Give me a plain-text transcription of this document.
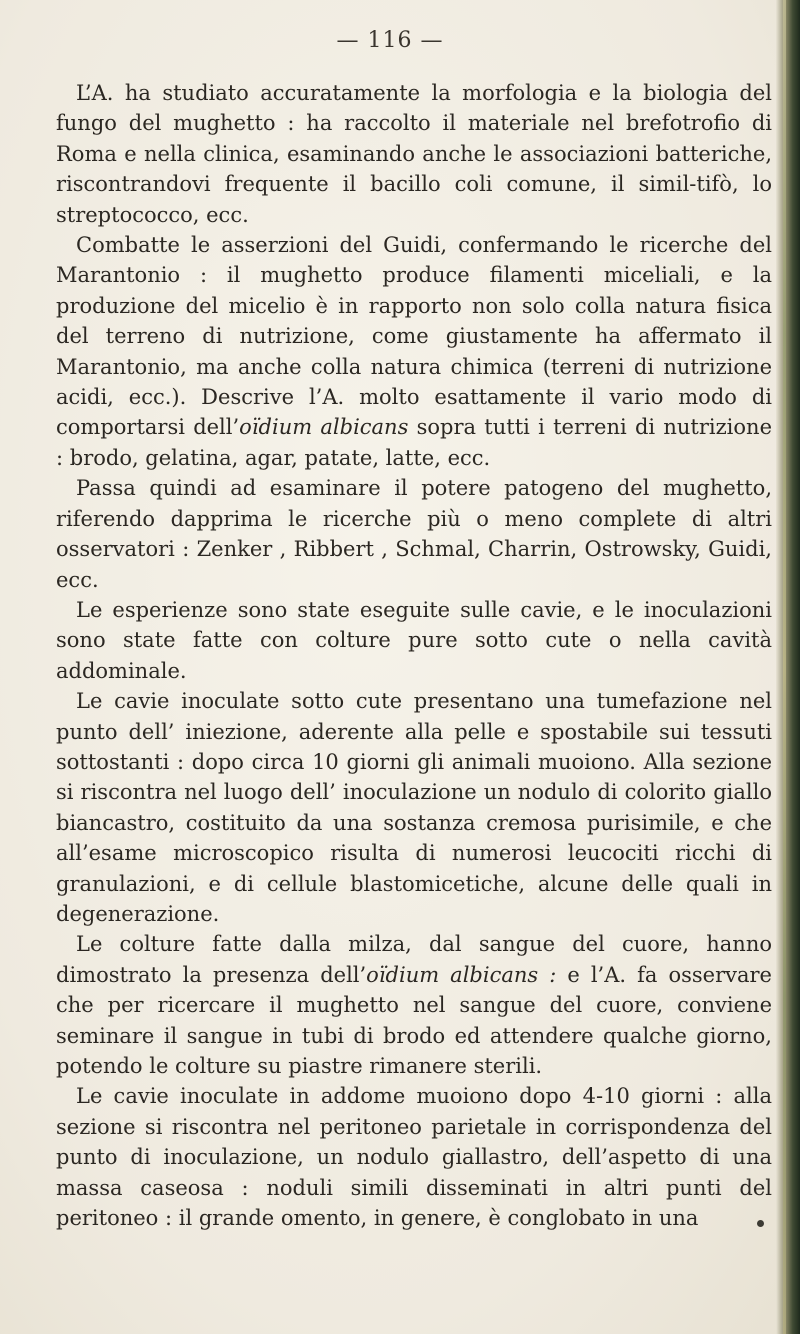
— 116 —

L’A. ha studiato accuratamente la morfologia e la biologia del fungo del mughetto : ha raccolto il materiale nel brefotrofio di Roma e nella clinica, esaminando anche le associazioni batteriche, riscontrandovi frequente il bacillo coli comune, il simil-tifò, lo streptococco, ecc.

Combatte le asserzioni del Guidi, confermando le ricerche del Marantonio : il mughetto produce filamenti miceliali, e la produzione del micelio è in rapporto non solo colla natura fisica del terreno di nutrizione, come giustamente ha affermato il Marantonio, ma anche colla natura chimica (terreni di nutrizione acidi, ecc.). Descrive l’A. molto esattamente il vario modo di comportarsi dell’oïdium albicans sopra tutti i terreni di nutrizione : brodo, gelatina, agar, patate, latte, ecc.

Passa quindi ad esaminare il potere patogeno del mughetto, riferendo dapprima le ricerche più o meno complete di altri osservatori : Zenker , Ribbert , Schmal, Charrin, Ostrowsky, Guidi, ecc.

Le esperienze sono state eseguite sulle cavie, e le inoculazioni sono state fatte con colture pure sotto cute o nella cavità addominale.

Le cavie inoculate sotto cute presentano una tumefazione nel punto dell’ iniezione, aderente alla pelle e spostabile sui tessuti sottostanti : dopo circa 10 giorni gli animali muoiono. Alla sezione si riscontra nel luogo dell’ inoculazione un nodulo di colorito giallo biancastro, costituito da una sostanza cremosa purisimile, e che all’esame microscopico risulta di numerosi leucociti ricchi di granulazioni, e di cellule blastomicetiche, alcune delle quali in degenerazione.

Le colture fatte dalla milza, dal sangue del cuore, hanno dimostrato la presenza dell’oïdium albicans : e l’A. fa osservare che per ricercare il mughetto nel sangue del cuore, conviene seminare il sangue in tubi di brodo ed attendere qualche giorno, potendo le colture su piastre rimanere sterili.

Le cavie inoculate in addome muoiono dopo 4-10 giorni : alla sezione si riscontra nel peritoneo parietale in corrispondenza del punto di inoculazione, un nodulo giallastro, dell’aspetto di una massa caseosa : noduli simili disseminati in altri punti del peritoneo : il grande omento, in genere, è conglobato in una
